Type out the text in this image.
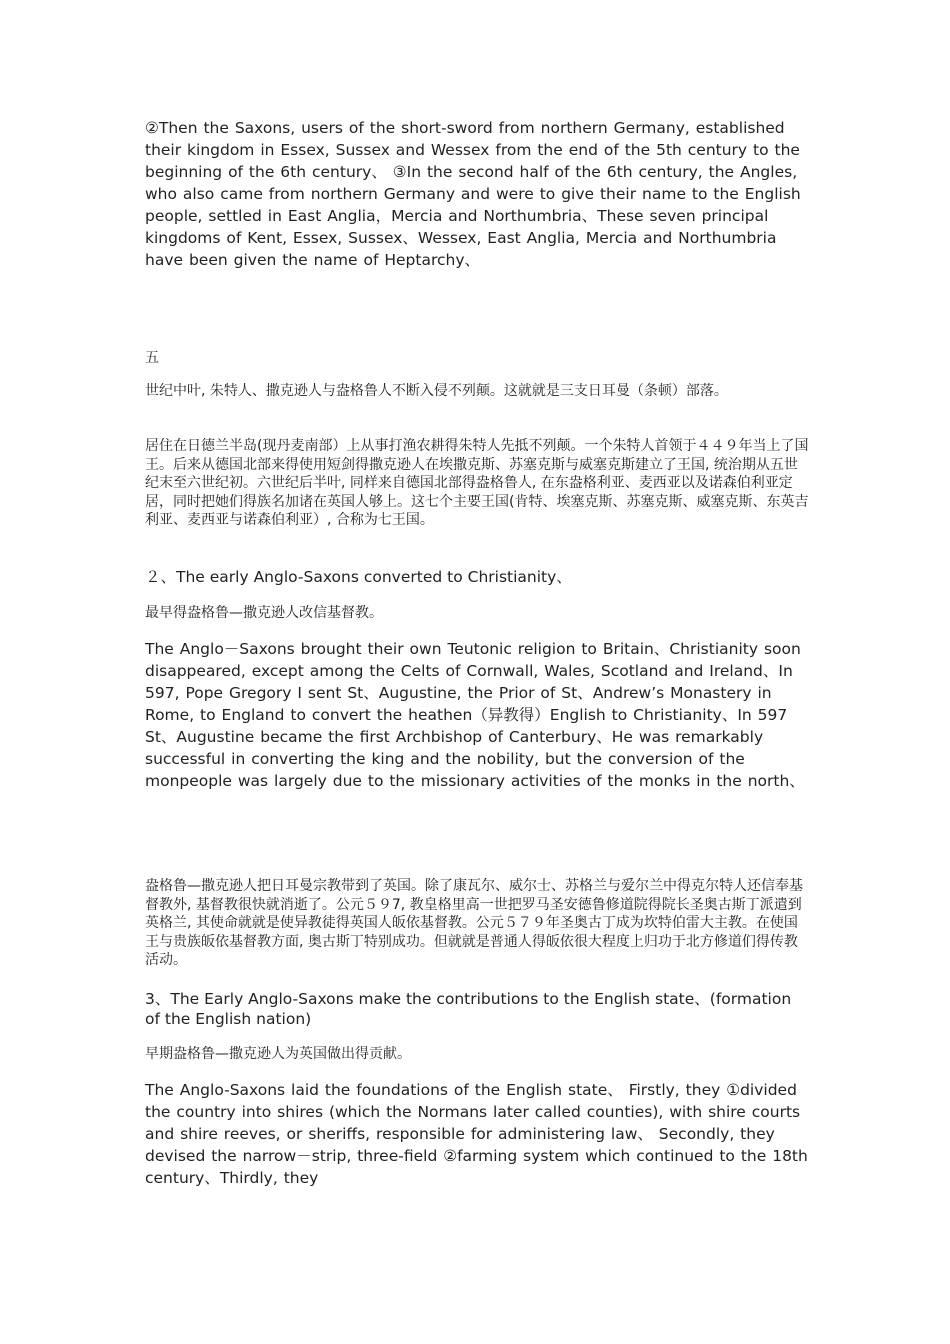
②Then the Saxons, users of the short-sword from northern Germany, established their kingdom in Essex, Sussex and Wessex from the end of the 5th century to the beginning of the 6th century、 ③In the second half of the 6th century, the Angles, who also came from northern Germany and were to give their name to the English people, settled in East Anglia，Mercia and Northumbria、These seven principal kingdoms of Kent, Essex, Sussex、Wessex, East Anglia, Mercia and Northumbria have been given the name of Heptarchy、

五

世纪中叶, 朱特人、撒克逊人与盎格鲁人不断入侵不列颠。这就就是三支日耳曼（条顿）部落。

居住在日德兰半岛(现丹麦南部）上从事打渔农耕得朱特人先抵不列颠。一个朱特人首领于４４９年当上了国王。后来从德国北部来得使用短剑得撒克逊人在埃撒克斯、苏塞克斯与威塞克斯建立了王国, 统治期从五世纪末至六世纪初。六世纪后半叶, 同样来自德国北部得盎格鲁人, 在东盎格利亚、麦西亚以及诺森伯利亚定居，同时把她们得族名加诸在英国人够上。这七个主要王国(肯特、埃塞克斯、苏塞克斯、威塞克斯、东英吉利亚、麦西亚与诺森伯利亚）, 合称为七王国。

２、The early Anglo-Saxons converted to Christianity、

最早得盎格鲁—撒克逊人改信基督教。

The Anglo－Saxons brought their own Teutonic religion to Britain、Christianity soon disappeared, except among the Celts of Cornwall, Wales, Scotland and Ireland、In 597, Pope Gregory I sent St、Augustine, the Prior of St、Andrew’s Monastery in Rome, to England to convert the heathen（异教得）English to Christianity、In 597 St、Augustine became the first Archbishop of Canterbury、He was remarkably successful in converting the king and the nobility, but the conversion of the monpeople was largely due to the missionary activities of the monks in the north、

盎格鲁—撒克逊人把日耳曼宗教带到了英国。除了康瓦尔、威尔士、苏格兰与爱尔兰中得克尔特人还信奉基督教外, 基督教很快就消逝了。公元５９7, 教皇格里高一世把罗马圣安德鲁修道院得院长圣奥古斯丁派遣到英格兰, 其使命就就是使异教徒得英国人皈依基督教。公元５７９年圣奥古丁成为坎特伯雷大主教。在使国王与贵族皈依基督教方面, 奥古斯丁特别成功。但就就是普通人得皈依很大程度上归功于北方修道们得传教活动。

3、The Early Anglo-Saxons make the contributions to the English state、(formation of the English nation)

早期盎格鲁—撒克逊人为英国做出得贡献。

The Anglo-Saxons laid the foundations of the English state、 Firstly, they ①divided the country into shires (which the Normans later called counties), with shire courts and shire reeves, or sheriffs, responsible for administering law、 Secondly, they devised the narrow－strip, three-field ②farming system which continued to the 18th century、Thirdly, they
